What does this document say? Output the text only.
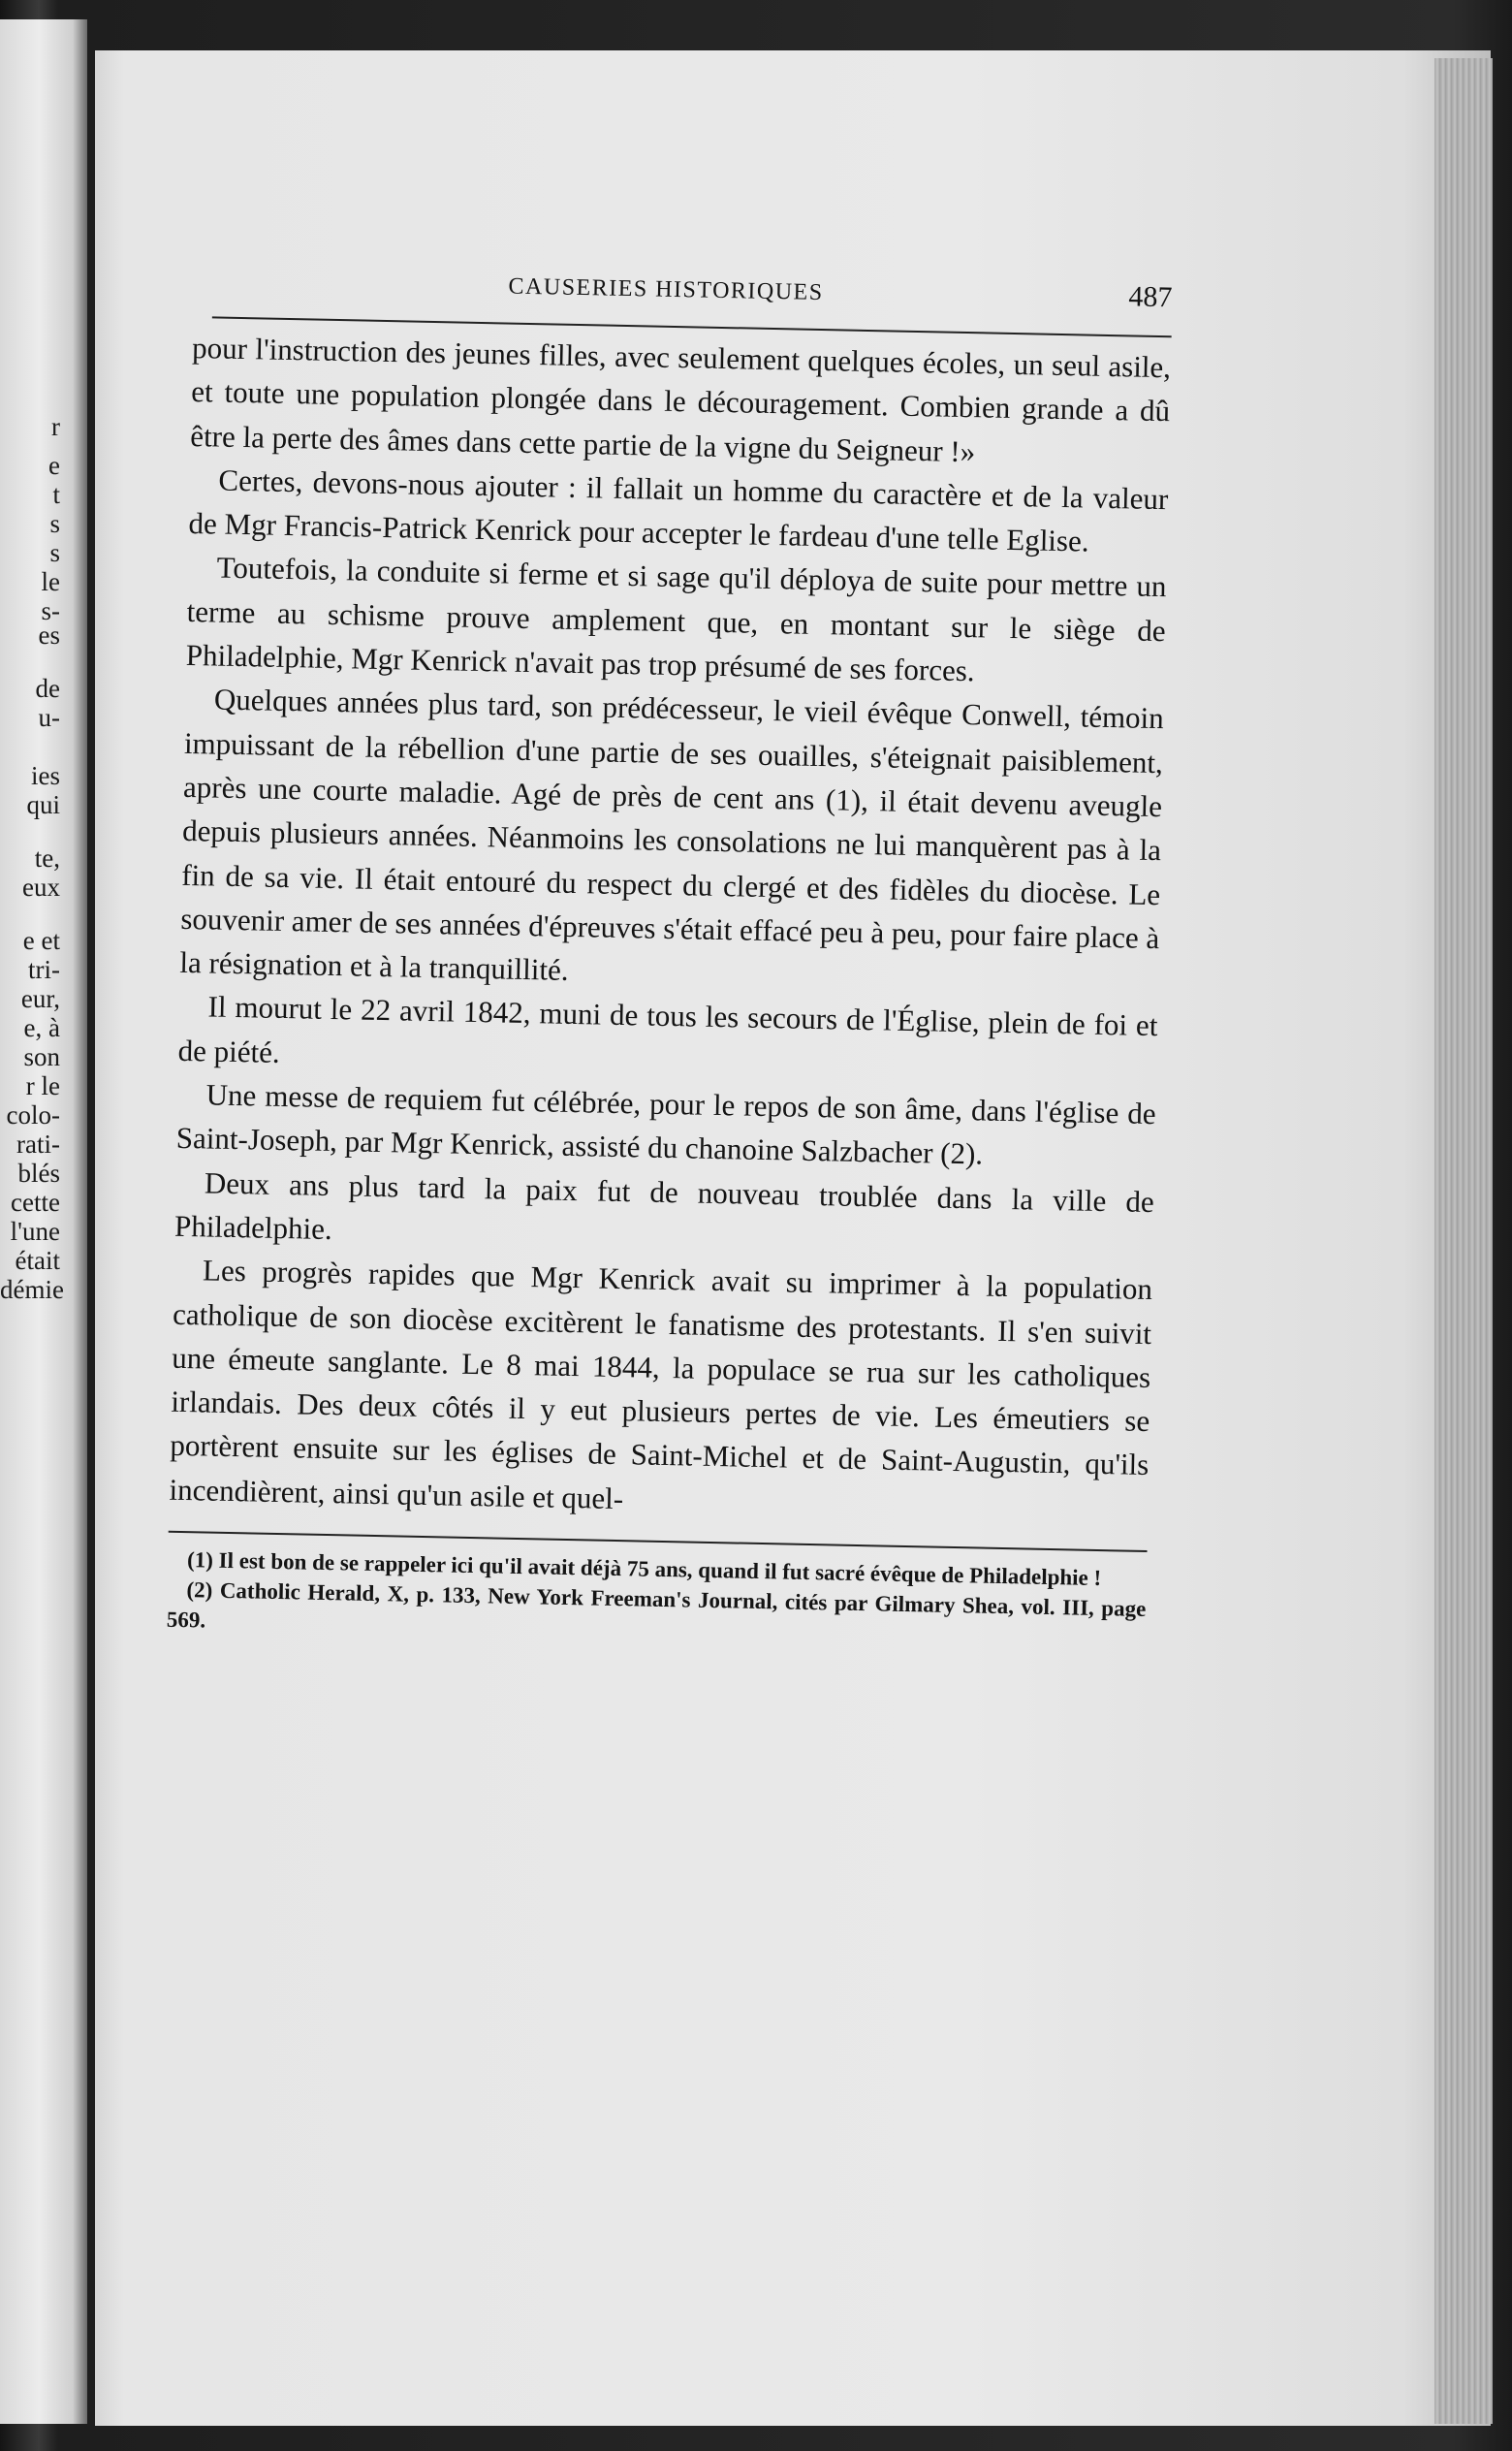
r
e
t
s
s
le
s-
es
de
u-
ies
qui
te,
eux
e et
tri-
eur,
e, à
son
r le
colo-
rati-
blés
cette
l'une
était
démie
CAUSERIES HISTORIQUES	487

pour l'instruction des jeunes filles, avec seulement quelques écoles, un seul asile, et toute une population plongée dans le découragement. Combien grande a dû être la perte des âmes dans cette partie de la vigne du Seigneur !»

Certes, devons-nous ajouter : il fallait un homme du caractère et de la valeur de Mgr Francis-Patrick Kenrick pour accepter le fardeau d'une telle Eglise.

Toutefois, la conduite si ferme et si sage qu'il déploya de suite pour mettre un terme au schisme prouve amplement que, en montant sur le siège de Philadelphie, Mgr Kenrick n'avait pas trop présumé de ses forces.

Quelques années plus tard, son prédécesseur, le vieil évêque Conwell, témoin impuissant de la rébellion d'une partie de ses ouailles, s'éteignait paisiblement, après une courte maladie. Agé de près de cent ans (1), il était devenu aveugle depuis plusieurs années. Néanmoins les consolations ne lui manquèrent pas à la fin de sa vie. Il était entouré du respect du clergé et des fidèles du diocèse. Le souvenir amer de ses années d'épreuves s'était effacé peu à peu, pour faire place à la résignation et à la tranquillité.

Il mourut le 22 avril 1842, muni de tous les secours de l'Église, plein de foi et de piété.

Une messe de requiem fut célébrée, pour le repos de son âme, dans l'église de Saint-Joseph, par Mgr Kenrick, assisté du chanoine Salzbacher (2).

Deux ans plus tard la paix fut de nouveau troublée dans la ville de Philadelphie.

Les progrès rapides que Mgr Kenrick avait su imprimer à la population catholique de son diocèse excitèrent le fanatisme des protestants. Il s'en suivit une émeute sanglante. Le 8 mai 1844, la populace se rua sur les catholiques irlandais. Des deux côtés il y eut plusieurs pertes de vie. Les émeutiers se portèrent ensuite sur les églises de Saint-Michel et de Saint-Augustin, qu'ils incendièrent, ainsi qu'un asile et quel-

(1) Il est bon de se rappeler ici qu'il avait déjà 75 ans, quand il fut sacré évêque de Philadelphie !

(2) Catholic Herald, X, p. 133, New York Freeman's Journal, cités par Gilmary Shea, vol. III, page 569.
